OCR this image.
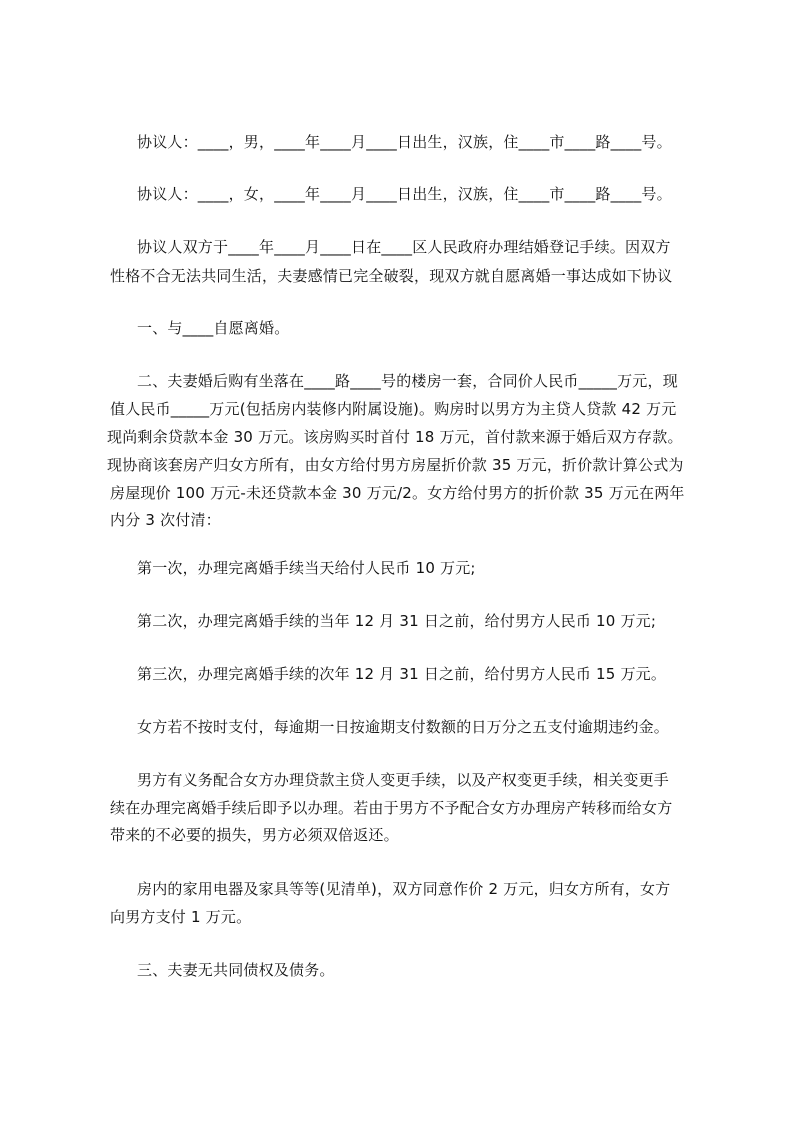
协议人：____，男，____年____月____日出生，汉族，住____市____路____号。
协议人：____，女，____年____月____日出生，汉族，住____市____路____号。
协议人双方于____年____月____日在____区人民政府办理结婚登记手续。因双方
性格不合无法共同生活，夫妻感情已完全破裂，现双方就自愿离婚一事达成如下协议
一、与____自愿离婚。
二、夫妻婚后购有坐落在____路____号的楼房一套，合同价人民币_____万元，现
值人民币_____万元(包括房内装修内附属设施)。购房时以男方为主贷人贷款 42 万元
现尚剩余贷款本金 30 万元。该房购买时首付 18 万元，首付款来源于婚后双方存款。
现协商该套房产归女方所有，由女方给付男方房屋折价款 35 万元，折价款计算公式为
房屋现价 100 万元-未还贷款本金 30 万元/2。女方给付男方的折价款 35 万元在两年
内分 3 次付清：
第一次，办理完离婚手续当天给付人民币 10 万元;
第二次，办理完离婚手续的当年 12 月 31 日之前，给付男方人民币 10 万元;
第三次，办理完离婚手续的次年 12 月 31 日之前，给付男方人民币 15 万元。
女方若不按时支付，每逾期一日按逾期支付数额的日万分之五支付逾期违约金。
男方有义务配合女方办理贷款主贷人变更手续，以及产权变更手续，相关变更手
续在办理完离婚手续后即予以办理。若由于男方不予配合女方办理房产转移而给女方
带来的不必要的损失，男方必须双倍返还。
房内的家用电器及家具等等(见清单)，双方同意作价 2 万元，归女方所有，女方
向男方支付 1 万元。
三、夫妻无共同债权及债务。
